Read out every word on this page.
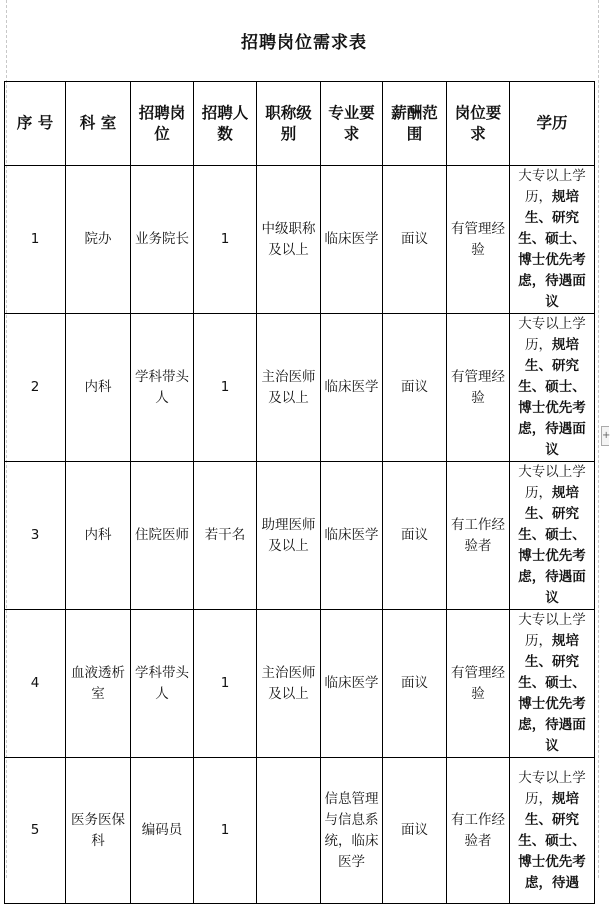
+
招聘岗位需求表
序 号	科 室	招聘岗位	招聘人数	职称级别	专业要求	薪酬范围	岗位要求	学历
1	院办	业务院长	1	中级职称及以上	临床医学	面议	有管理经验	大专以上学历，规培生、研究生、硕士、博士优先考虑，待遇面议
2	内科	学科带头人	1	主治医师及以上	临床医学	面议	有管理经验	大专以上学历，规培生、研究生、硕士、博士优先考虑，待遇面议
3	内科	住院医师	若干名	助理医师及以上	临床医学	面议	有工作经验者	大专以上学历，规培生、研究生、硕士、博士优先考虑，待遇面议
4	血液透析室	学科带头人	1	主治医师及以上	临床医学	面议	有管理经验	大专以上学历，规培生、研究生、硕士、博士优先考虑，待遇面议
5	医务医保科	编码员	1		信息管理与信息系统，临床医学	面议	有工作经验者	大专以上学历，规培生、研究生、硕士、博士优先考虑，待遇
